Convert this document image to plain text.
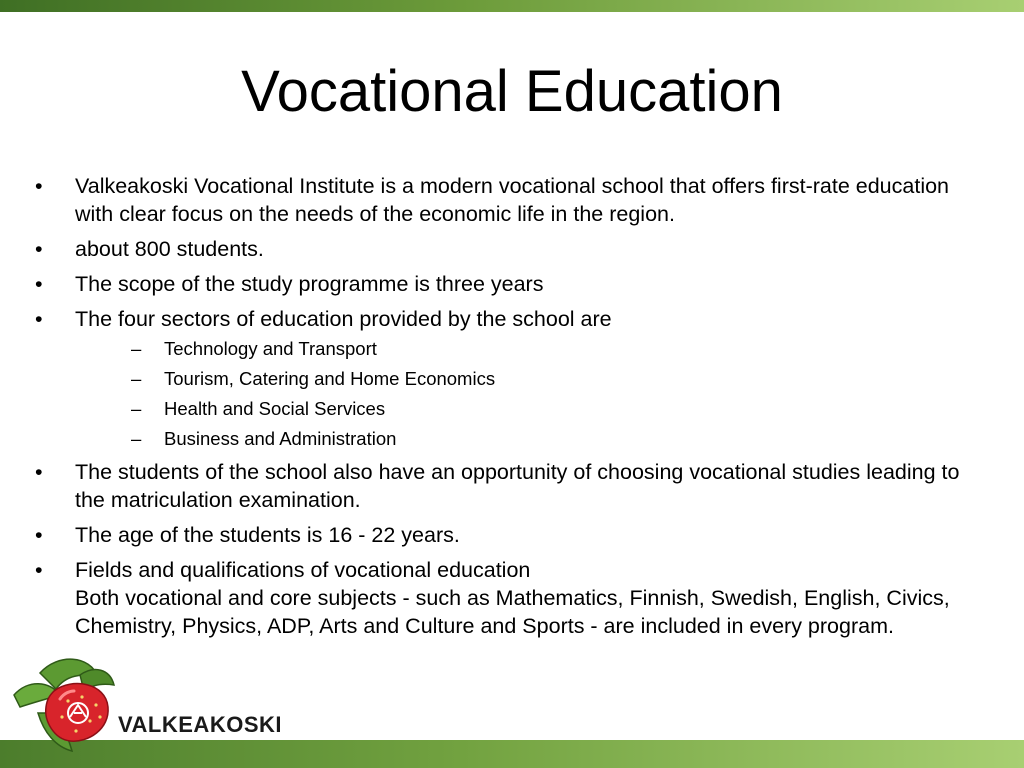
Vocational Education
• Valkeakoski Vocational Institute is a modern vocational school that offers first-rate education with clear focus on the needs of the economic life in the region.
• about 800 students.
• The scope of the study programme is three years
• The four sectors of education provided by the school are
– Technology and Transport
– Tourism, Catering and Home Economics
– Health and Social Services
– Business and Administration
• The students of the school also have an opportunity of choosing vocational studies leading to the matriculation examination.
• The age of the students is 16 - 22 years.
• Fields and qualifications of vocational education
Both vocational and core subjects - such as Mathematics, Finnish, Swedish, English, Civics, Chemistry, Physics, ADP, Arts and Culture and Sports - are included in every program.
VALKEAKOSKI
